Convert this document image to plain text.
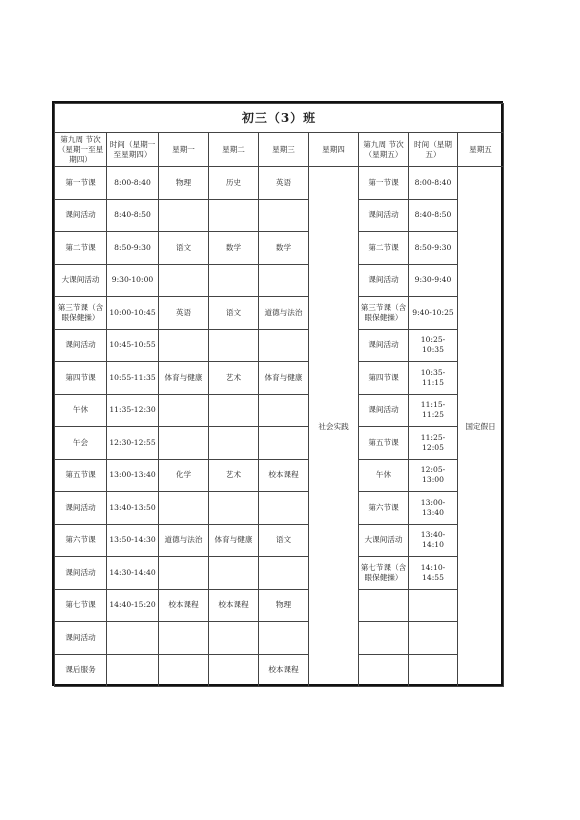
初三（3）班								
第九周 节次（星期一至星期四）	时间（星期一至星期四）	星期一	星期二	星期三	星期四	第九周 节次（星期五）	时间（星期五）	星期五
第一节课	8:00-8:40	物理	历史	英语	社会实践	第一节课	8:00-8:40	国定假日
课间活动	8:40-8:50					课间活动	8:40-8:50	
第二节课	8:50-9:30	语文	数学	数学		第二节课	8:50-9:30	
大课间活动	9:30-10:00					课间活动	9:30-9:40	
第三节课（含眼保健操）	10:00-10:45	英语	语文	道德与法治		第三节课（含眼保健操）	9:40-10:25	
课间活动	10:45-10:55					课间活动	10:25-10:35	
第四节课	10:55-11:35	体育与健康	艺术	体育与健康		第四节课	10:35-11:15	
午休	11:35-12:30					课间活动	11:15-11:25	
午会	12:30-12:55					第五节课	11:25-12:05	
第五节课	13:00-13:40	化学	艺术	校本课程		午休	12:05-13:00	
课间活动	13:40-13:50					第六节课	13:00-13:40	
第六节课	13:50-14:30	道德与法治	体育与健康	语文		大课间活动	13:40-14:10	
课间活动	14:30-14:40					第七节课（含眼保健操）	14:10-14:55	
第七节课	14:40-15:20	校本课程	校本课程	物理				
课间活动								
课后服务				校本课程				
